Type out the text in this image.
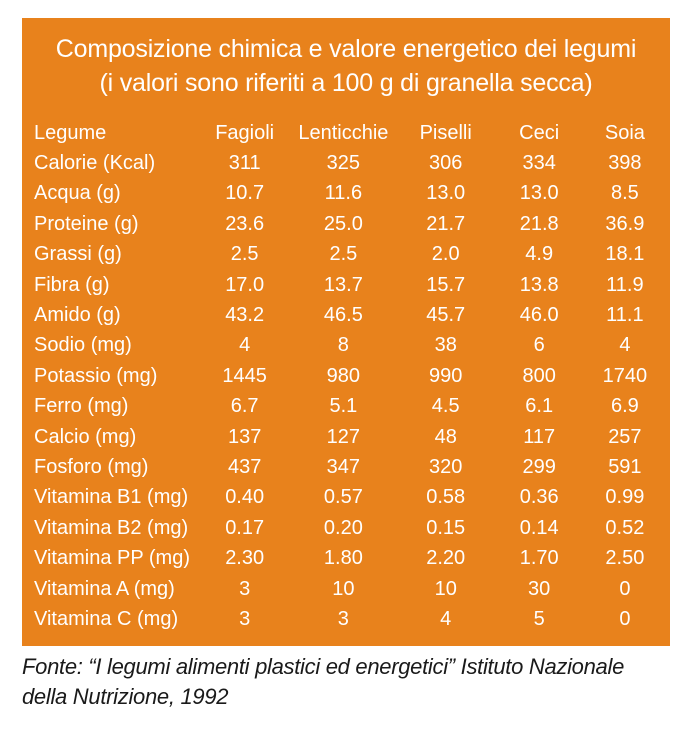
Composizione chimica e valore energetico dei legumi
(i valori sono riferiti a 100 g di granella secca)
Legume	Fagioli	Lenticchie	Piselli	Ceci	Soia
Calorie (Kcal)	311	325	306	334	398
Acqua (g)	10.7	11.6	13.0	13.0	8.5
Proteine (g)	23.6	25.0	21.7	21.8	36.9
Grassi (g)	2.5	2.5	2.0	4.9	18.1
Fibra (g)	17.0	13.7	15.7	13.8	11.9
Amido (g)	43.2	46.5	45.7	46.0	11.1
Sodio (mg)	4	8	38	6	4
Potassio (mg)	1445	980	990	800	1740
Ferro (mg)	6.7	5.1	4.5	6.1	6.9
Calcio (mg)	137	127	48	117	257
Fosforo (mg)	437	347	320	299	591
Vitamina B1 (mg)	0.40	0.57	0.58	0.36	0.99
Vitamina B2 (mg)	0.17	0.20	0.15	0.14	0.52
Vitamina PP (mg)	2.30	1.80	2.20	1.70	2.50
Vitamina A (mg)	3	10	10	30	0
Vitamina C (mg)	3	3	4	5	0

Fonte: “I legumi alimenti plastici ed energetici” Istituto Nazionale
della Nutrizione, 1992
